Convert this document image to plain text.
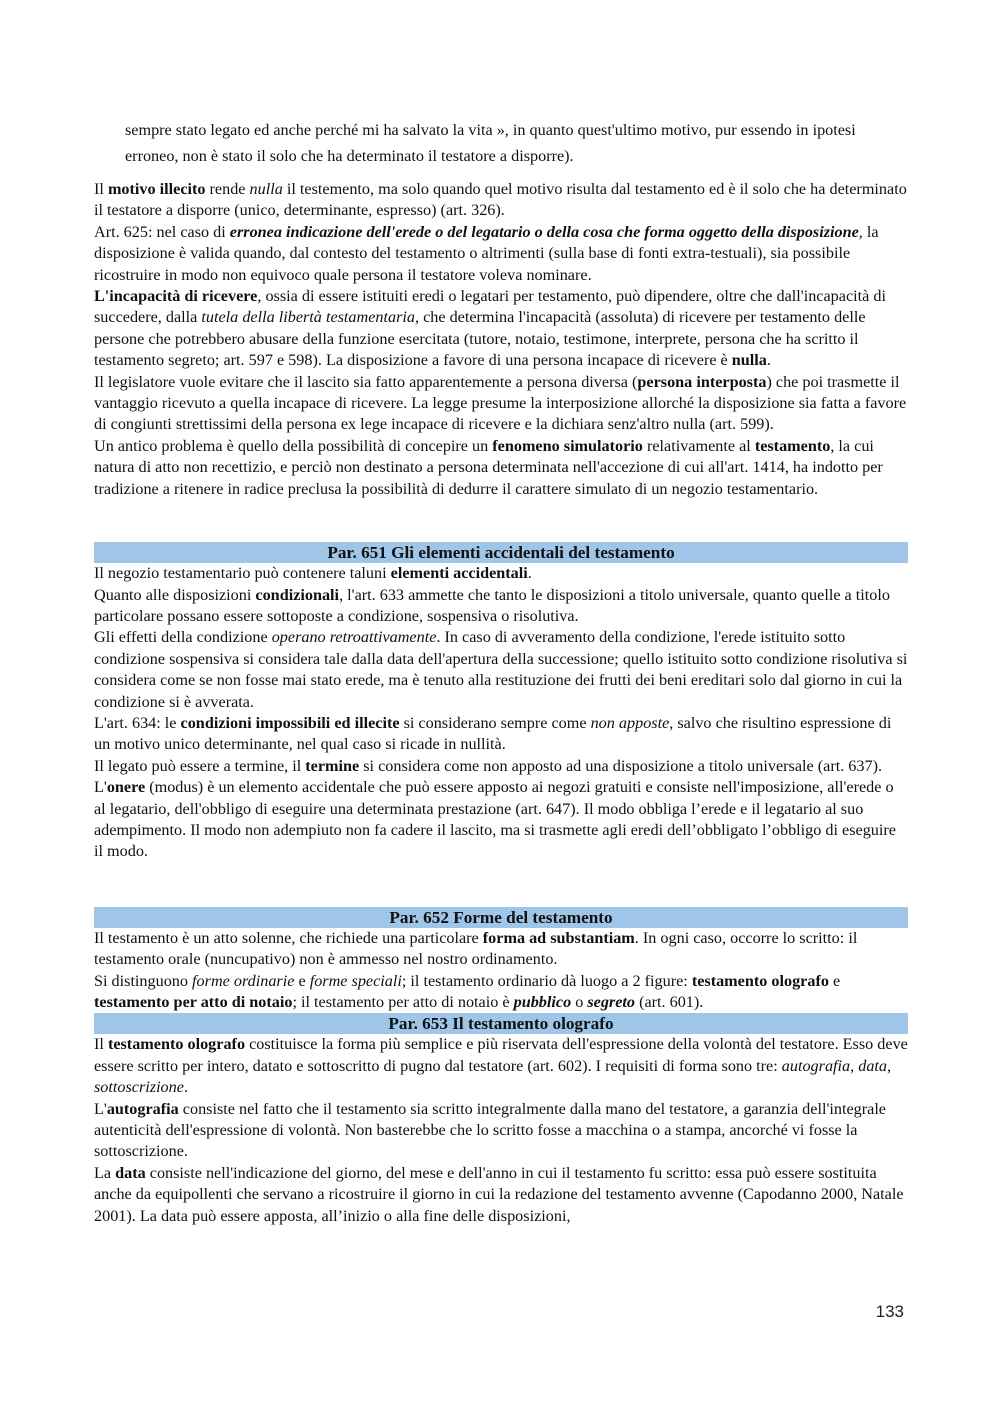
sempre stato legato ed anche perché mi ha salvato la vita », in quanto quest'ultimo motivo, pur essendo in ipotesi erroneo, non è stato il solo che ha determinato il testatore a disporre).

Il motivo illecito rende nulla il testemento, ma solo quando quel motivo risulta dal testamento ed è il solo che ha determinato il testatore a disporre (unico, determinante, espresso) (art. 326).

Art. 625: nel caso di erronea indicazione dell'erede o del legatario o della cosa che forma oggetto della disposizione, la disposizione è valida quando, dal contesto del testamento o altrimenti (sulla base di fonti extra-testuali), sia possibile ricostruire in modo non equivoco quale persona il testatore voleva nominare.

L'incapacità di ricevere, ossia di essere istituiti eredi o legatari per testamento, può dipendere, oltre che dall'incapacità di succedere, dalla tutela della libertà testamentaria, che determina l'incapacità (assoluta) di ricevere per testamento delle persone che potrebbero abusare della funzione esercitata (tutore, notaio, testimone, interprete, persona che ha scritto il testamento segreto; art. 597 e 598). La disposizione a favore di una persona incapace di ricevere è nulla.

Il legislatore vuole evitare che il lascito sia fatto apparentemente a persona diversa (persona interposta) che poi trasmette il vantaggio ricevuto a quella incapace di ricevere. La legge presume la interposizione allorché la disposizione sia fatta a favore di congiunti strettissimi della persona ex lege incapace di ricevere e la dichiara senz'altro nulla (art. 599).

Un antico problema è quello della possibilità di concepire un fenomeno simulatorio relativamente al testamento, la cui natura di atto non recettizio, e perciò non destinato a persona determinata nell'accezione di cui all'art. 1414, ha indotto per tradizione a ritenere in radice preclusa la possibilità di dedurre il carattere simulato di un negozio testamentario.

Par. 651 Gli elementi accidentali del testamento

Il negozio testamentario può contenere taluni elementi accidentali.

Quanto alle disposizioni condizionali, l'art. 633 ammette che tanto le disposizioni a titolo universale, quanto quelle a titolo particolare possano essere sottoposte a condizione, sospensiva o risolutiva.

Gli effetti della condizione operano retroattivamente. In caso di avveramento della condizione, l'erede istituito sotto condizione sospensiva si considera tale dalla data dell'apertura della successione; quello istituito sotto condizione risolutiva si considera come se non fosse mai stato erede, ma è tenuto alla restituzione dei frutti dei beni ereditari solo dal giorno in cui la condizione si è avverata.

L'art. 634: le condizioni impossibili ed illecite si considerano sempre come non apposte, salvo che risultino espressione di un motivo unico determinante, nel qual caso si ricade in nullità.

Il legato può essere a termine, il termine si considera come non apposto ad una disposizione a titolo universale (art. 637).

L'onere (modus) è un elemento accidentale che può essere apposto ai negozi gratuiti e consiste nell'imposizione, all'erede o al legatario, dell'obbligo di eseguire una determinata prestazione (art. 647). Il modo obbliga l’erede e il legatario al suo adempimento. Il modo non adempiuto non fa cadere il lascito, ma si trasmette agli eredi dell’obbligato l’obbligo di eseguire il modo.

Par. 652 Forme del testamento

Il testamento è un atto solenne, che richiede una particolare forma ad substantiam. In ogni caso, occorre lo scritto: il testamento orale (nuncupativo) non è ammesso nel nostro ordinamento.

Si distinguono forme ordinarie e forme speciali; il testamento ordinario dà luogo a 2 figure: testamento olografo e testamento per atto di notaio; il testamento per atto di notaio è pubblico o segreto (art. 601).

Par. 653 Il testamento olografo

Il testamento olografo costituisce la forma più semplice e più riservata dell'espressione della volontà del testatore. Esso deve essere scritto per intero, datato e sottoscritto di pugno dal testatore (art. 602). I requisiti di forma sono tre: autografia, data, sottoscrizione.

L'autografia consiste nel fatto che il testamento sia scritto integralmente dalla mano del testatore, a garanzia dell'integrale autenticità dell'espressione di volontà. Non basterebbe che lo scritto fosse a macchina o a stampa, ancorché vi fosse la sottoscrizione.

La data consiste nell'indicazione del giorno, del mese e dell'anno in cui il testamento fu scritto: essa può essere sostituita anche da equipollenti che servano a ricostruire il giorno in cui la redazione del testamento avvenne (Capodanno 2000, Natale 2001). La data può essere apposta, all’inizio o alla fine delle disposizioni,

133
